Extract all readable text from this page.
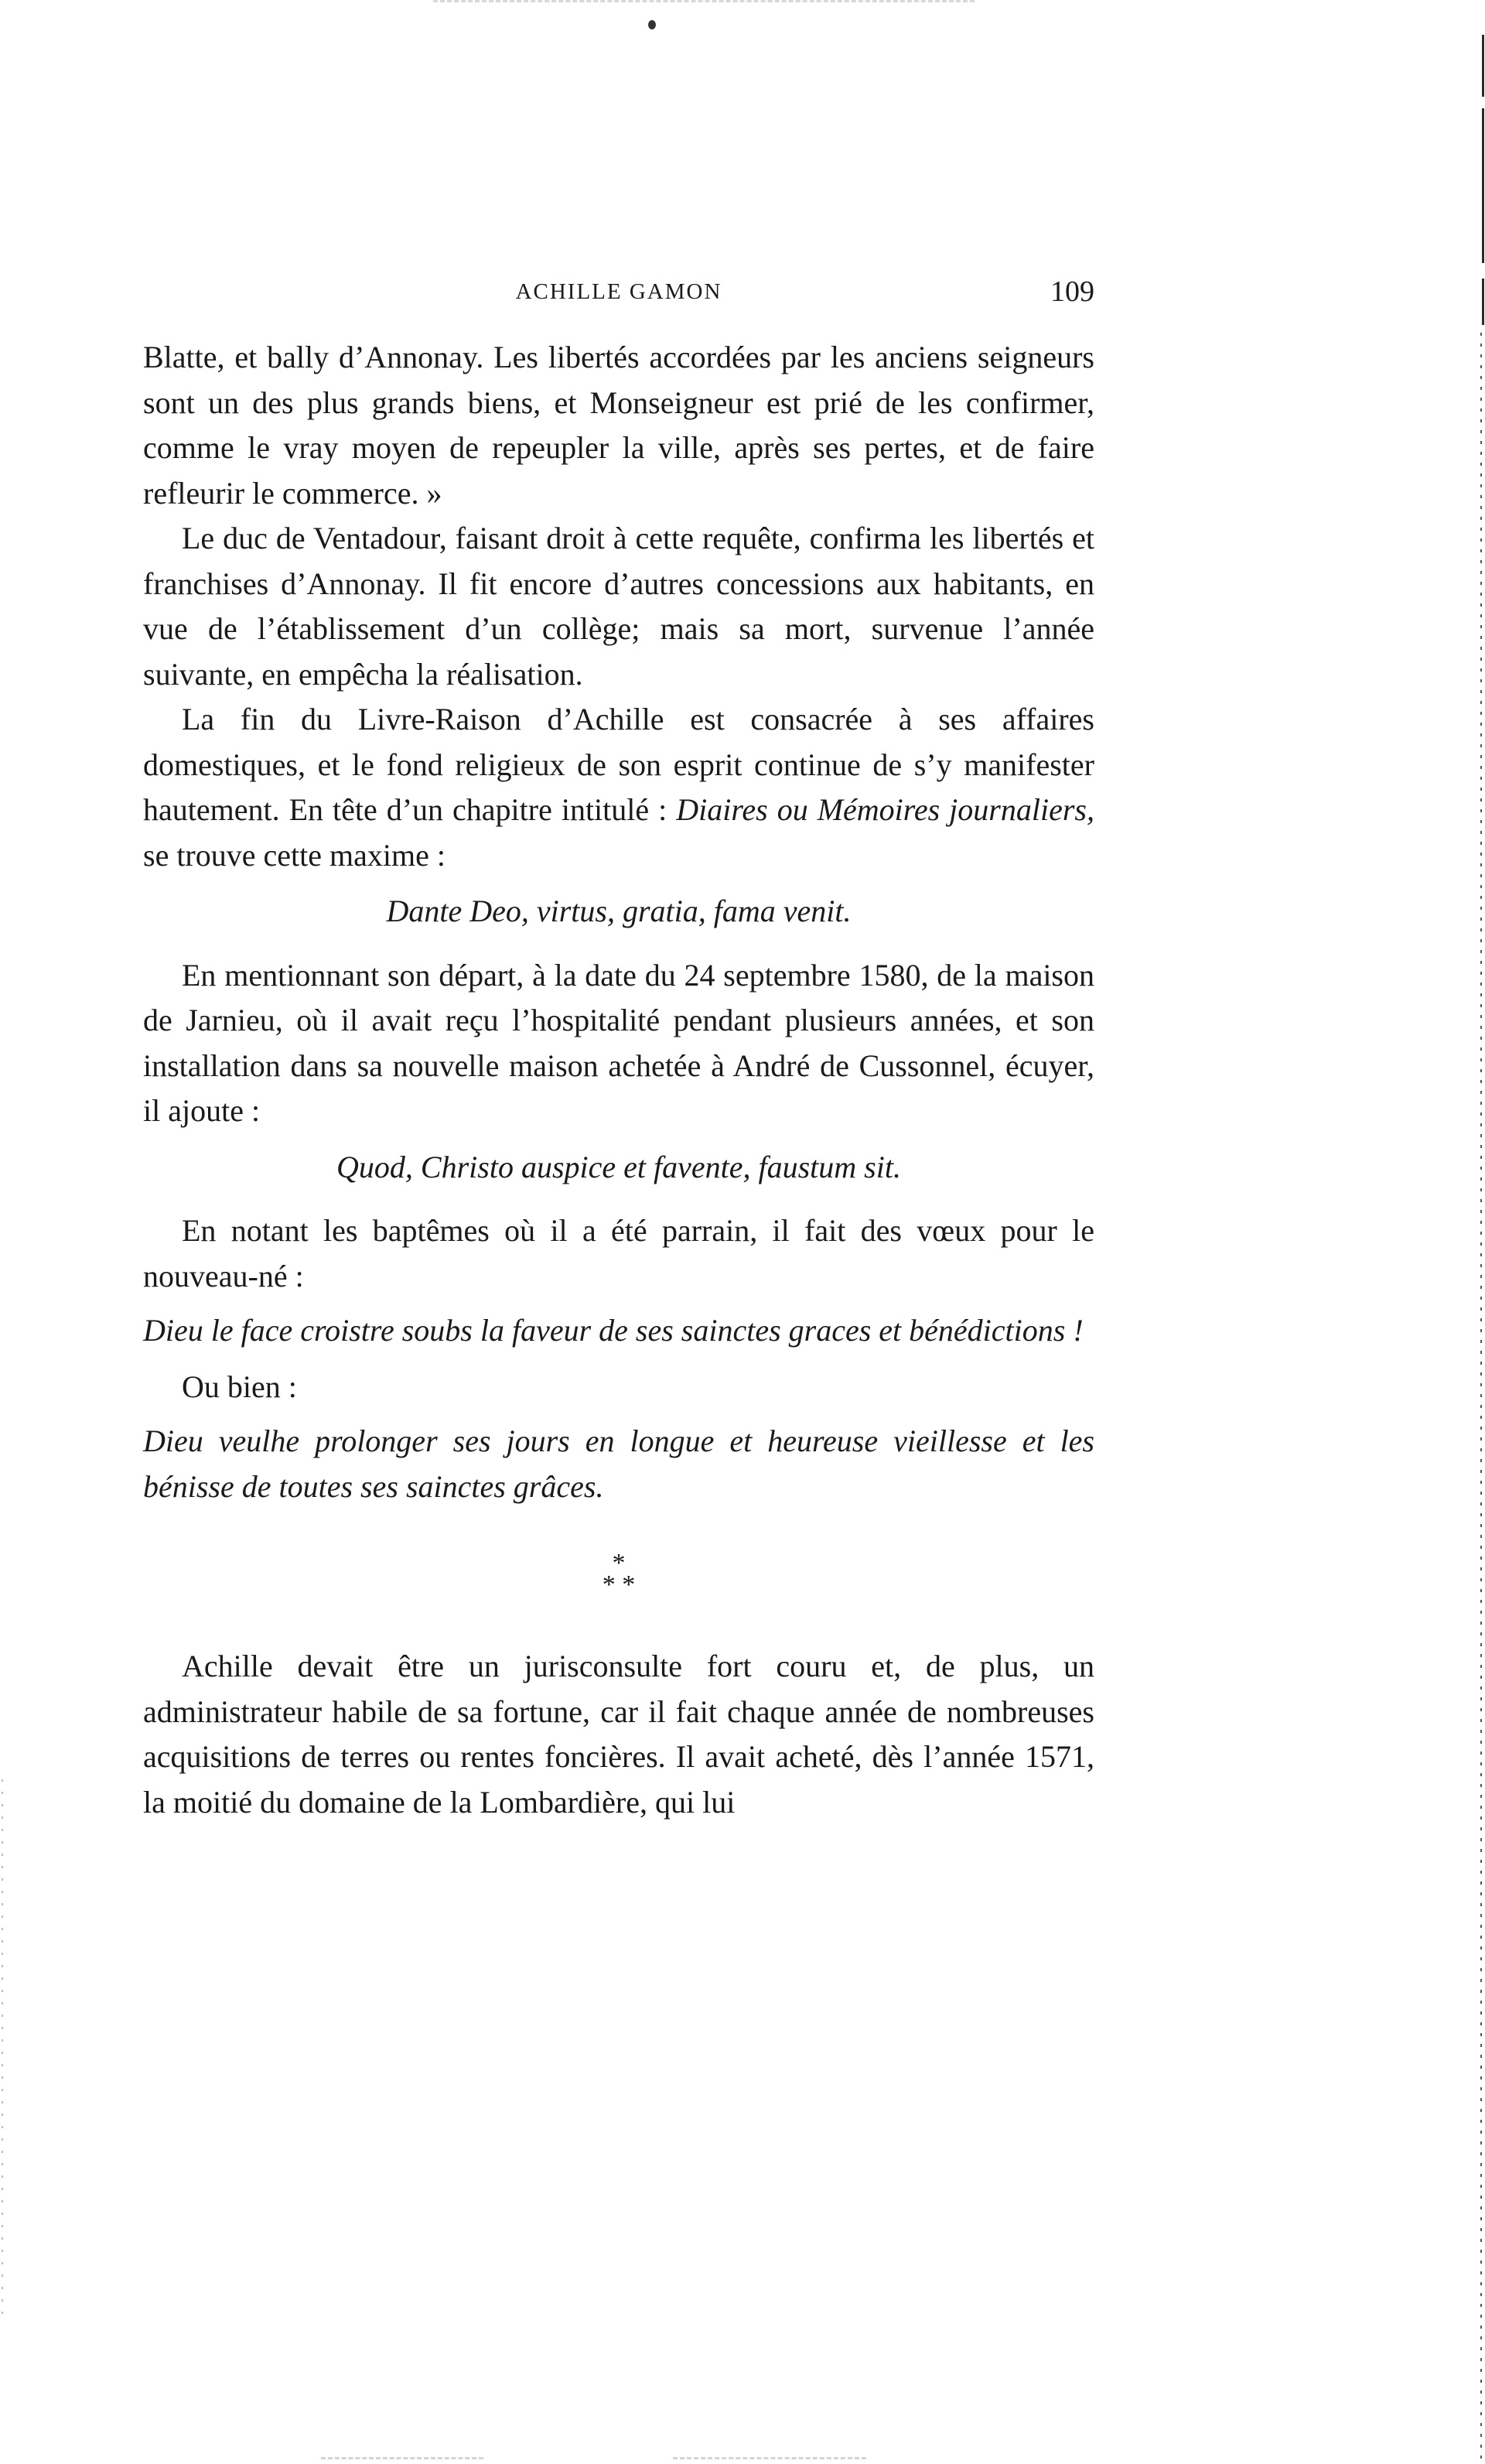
ACHILLE GAMON	109

Blatte, et bally d’Annonay. Les libertés accordées par les anciens seigneurs sont un des plus grands biens, et Monseigneur est prié de les confirmer, comme le vray moyen de repeupler la ville, après ses pertes, et de faire refleurir le commerce. »

Le duc de Ventadour, faisant droit à cette requête, confirma les libertés et franchises d’Annonay. Il fit encore d’autres concessions aux habitants, en vue de l’établissement d’un collège; mais sa mort, survenue l’année suivante, en empêcha la réalisation.

La fin du Livre-Raison d’Achille est consacrée à ses affaires domestiques, et le fond religieux de son esprit continue de s’y manifester hautement. En tête d’un chapitre intitulé : Diaires ou Mémoires journaliers, se trouve cette maxime :

Dante Deo, virtus, gratia, fama venit.

En mentionnant son départ, à la date du 24 septembre 1580, de la maison de Jarnieu, où il avait reçu l’hospitalité pendant plusieurs années, et son installation dans sa nouvelle maison achetée à André de Cussonnel, écuyer, il ajoute :

Quod, Christo auspice et favente, faustum sit.

En notant les baptêmes où il a été parrain, il fait des vœux pour le nouveau-né :

Dieu le face croistre soubs la faveur de ses sainctes graces et bénédictions !

Ou bien :

Dieu veulhe prolonger ses jours en longue et heureuse vieillesse et les bénisse de toutes ses sainctes grâces.

*
* *

Achille devait être un jurisconsulte fort couru et, de plus, un administrateur habile de sa fortune, car il fait chaque année de nombreuses acquisitions de terres ou rentes foncières. Il avait acheté, dès l’année 1571, la moitié du domaine de la Lombardière, qui lui
